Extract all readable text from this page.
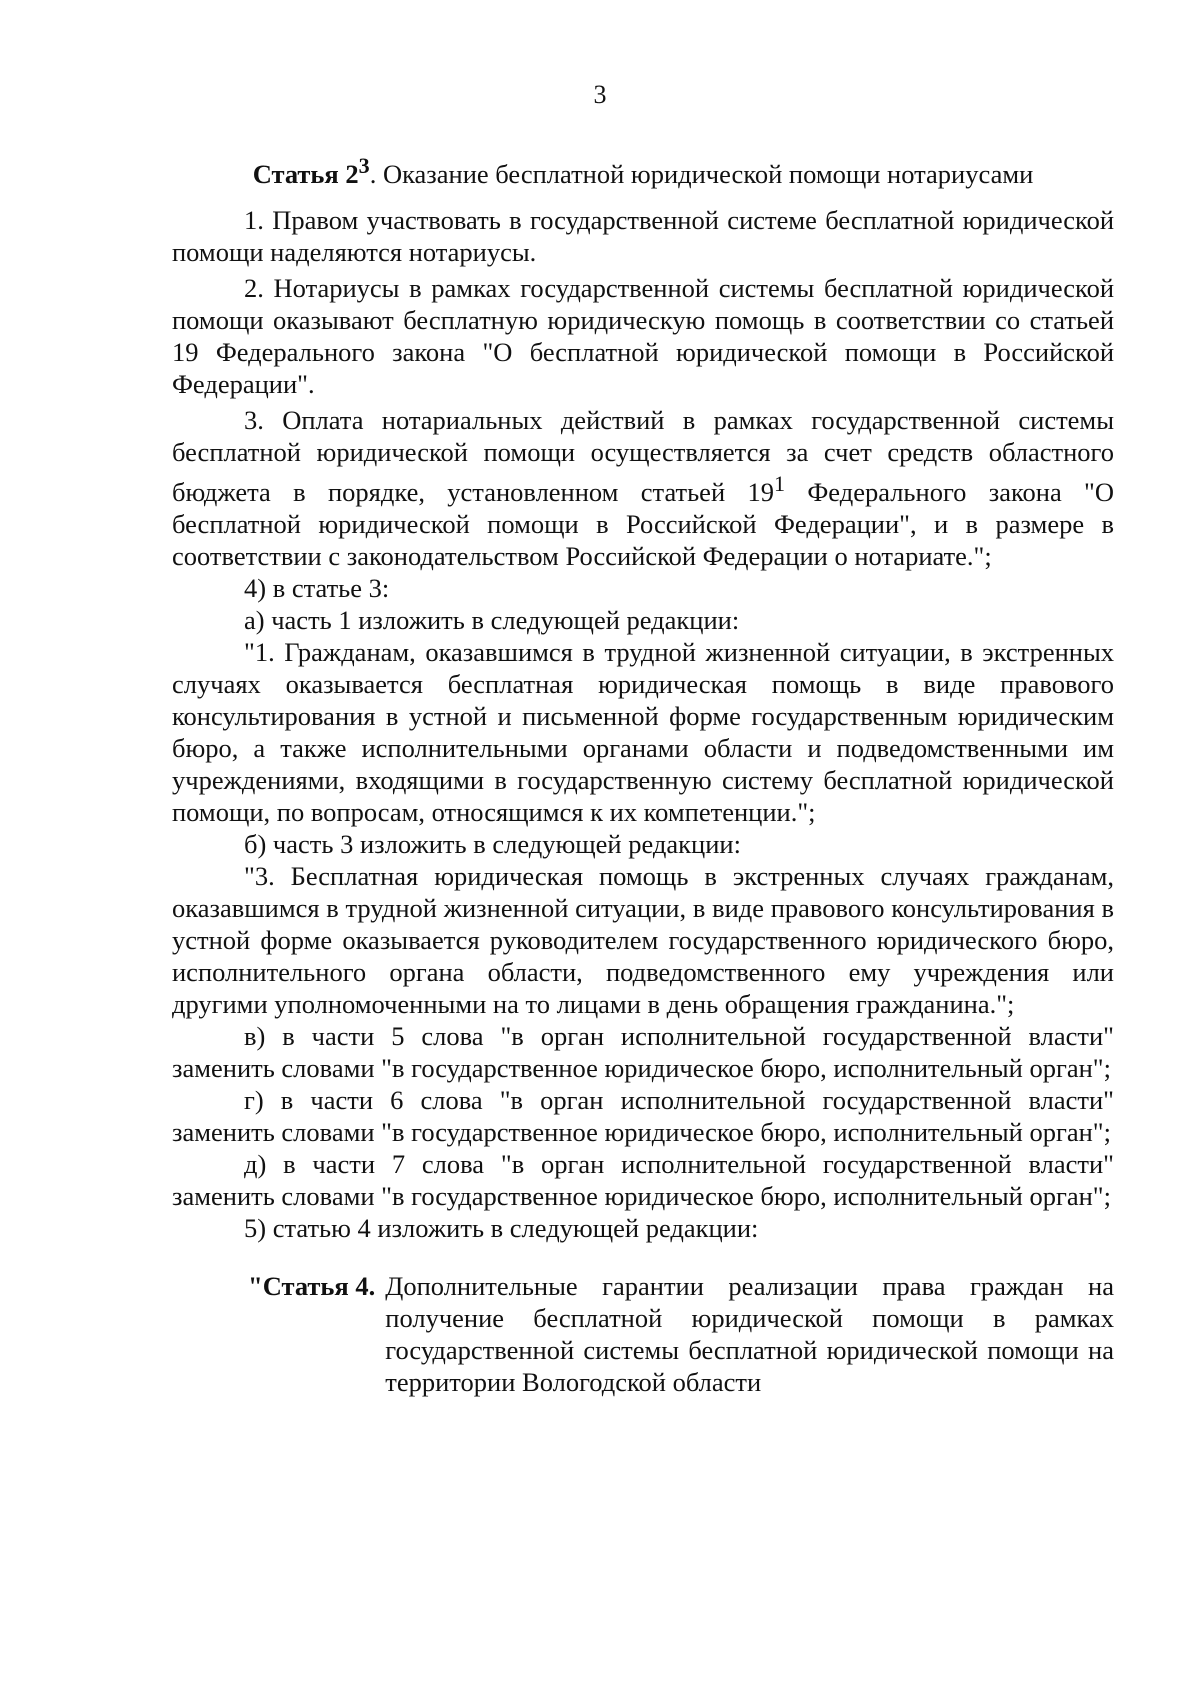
3
Статья $2^3$. Оказание бесплатной юридической помощи нотариусами

1. Правом участвовать в государственной системе бесплатной юридической помощи наделяются нотариусы.

2. Нотариусы в рамках государственной системы бесплатной юридической помощи оказывают бесплатную юридическую помощь в соответствии со статьей 19 Федерального закона "О бесплатной юридической помощи в Российской Федерации".

3. Оплата нотариальных действий в рамках государственной системы бесплатной юридической помощи осуществляется за счет средств областного бюджета в порядке, установленном статьей $19^1$ Федерального закона "О бесплатной юридической помощи в Российской Федерации", и в размере в соответствии с законодательством Российской Федерации о нотариате.";

4) в статье 3:

а) часть 1 изложить в следующей редакции:

"1. Гражданам, оказавшимся в трудной жизненной ситуации, в экстренных случаях оказывается бесплатная юридическая помощь в виде правового консультирования в устной и письменной форме государственным юридическим бюро, а также исполнительными органами области и подведомственными им учреждениями, входящими в государственную систему бесплатной юридической помощи, по вопросам, относящимся к их компетенции.";

б) часть 3 изложить в следующей редакции:

"3. Бесплатная юридическая помощь в экстренных случаях гражданам, оказавшимся в трудной жизненной ситуации, в виде правового консультирования в устной форме оказывается руководителем государственного юридического бюро, исполнительного органа области, подведомственного ему учреждения или другими уполномоченными на то лицами в день обращения гражданина.";

в) в части 5 слова "в орган исполнительной государственной власти" заменить словами "в государственное юридическое бюро, исполнительный орган";

г) в части 6 слова "в орган исполнительной государственной власти" заменить словами "в государственное юридическое бюро, исполнительный орган";

д) в части 7 слова "в орган исполнительной государственной власти" заменить словами "в государственное юридическое бюро, исполнительный орган";

5) статью 4 изложить в следующей редакции:

"Статья 4. Дополнительные гарантии реализации права граждан на получение бесплатной юридической помощи в рамках государственной системы бесплатной юридической помощи на территории Вологодской области
